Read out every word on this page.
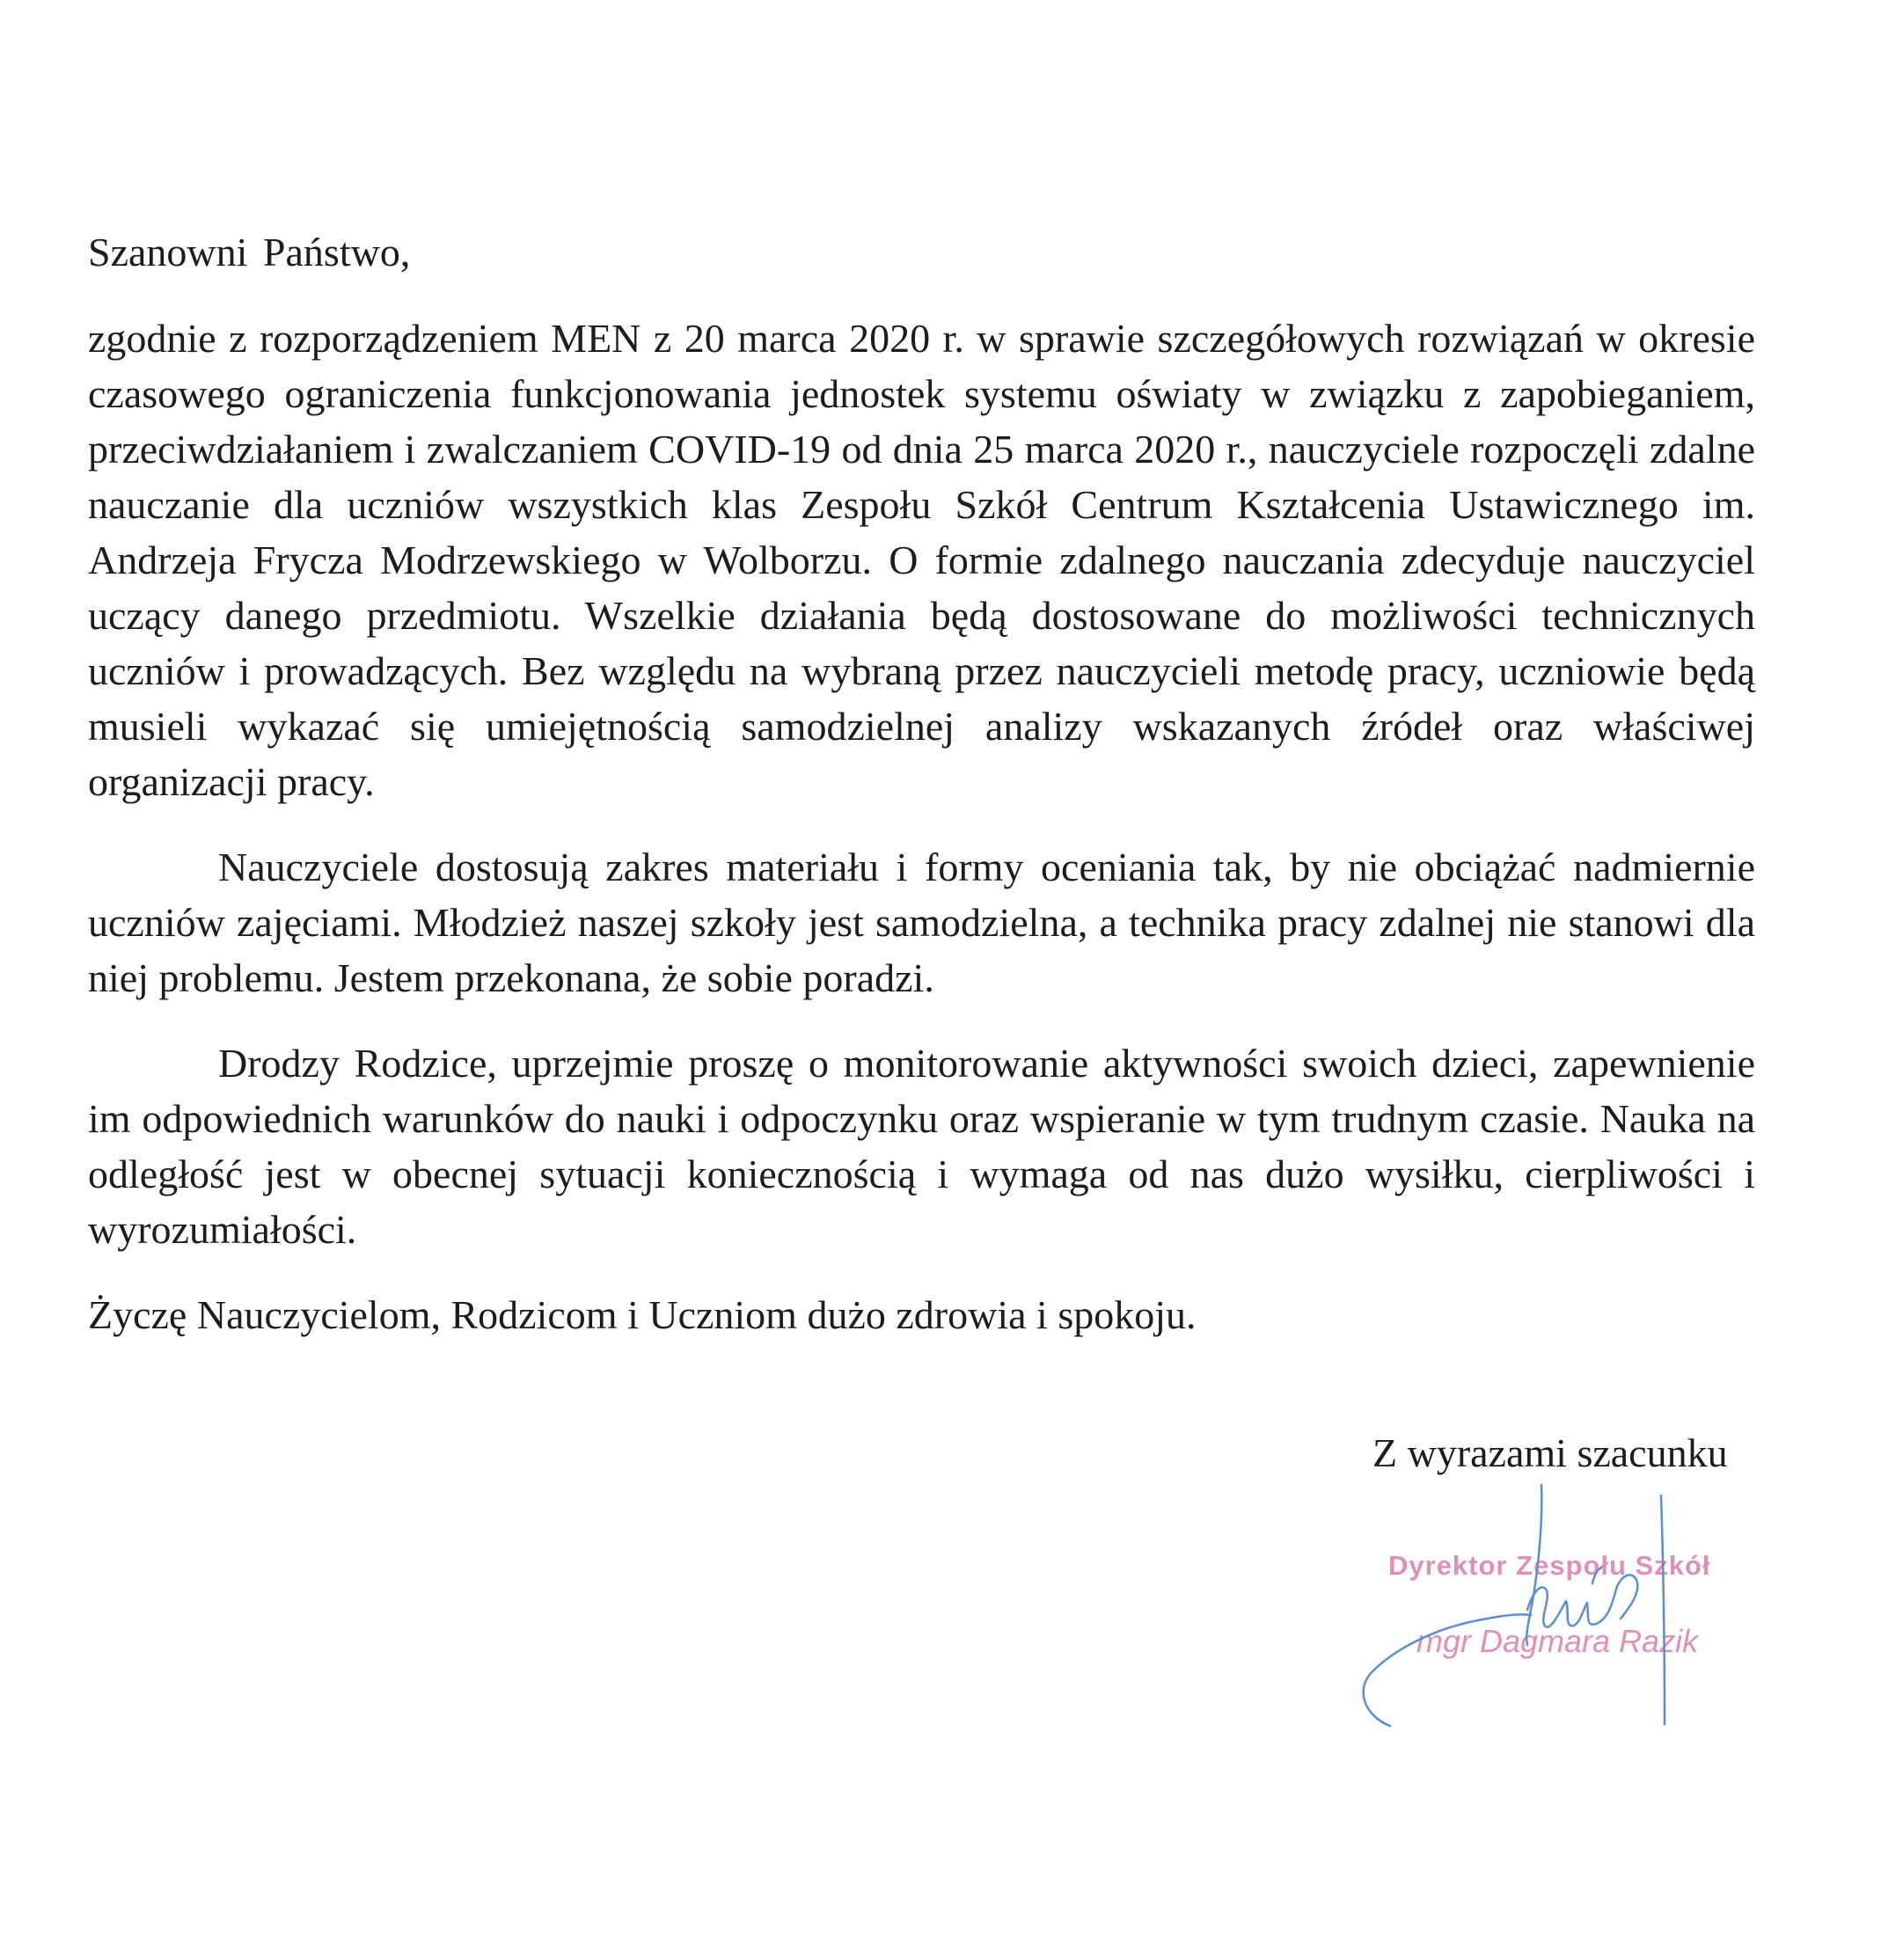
Szanowni Państwo,

zgodnie z rozporządzeniem MEN z 20 marca 2020 r. w sprawie szczegółowych rozwiązań w okresie czasowego ograniczenia funkcjonowania jednostek systemu oświaty w związku z zapobieganiem, przeciwdziałaniem i zwalczaniem COVID-19 od dnia 25 marca 2020 r., nauczyciele rozpoczęli zdalne nauczanie dla uczniów wszystkich klas Zespołu Szkół Centrum Kształcenia Ustawicznego im. Andrzeja Frycza Modrzewskiego w Wolborzu. O formie zdalnego nauczania zdecyduje nauczyciel uczący danego przedmiotu. Wszelkie działania będą dostosowane do możliwości technicznych uczniów i prowadzących. Bez względu na wybraną przez nauczycieli metodę pracy, uczniowie będą musieli wykazać się umiejętnością samodzielnej analizy wskazanych źródeł oraz właściwej organizacji pracy.

Nauczyciele dostosują zakres materiału i formy oceniania tak, by nie obciążać nadmiernie uczniów zajęciami. Młodzież naszej szkoły jest samodzielna, a technika pracy zdalnej nie stanowi dla niej problemu. Jestem przekonana, że sobie poradzi.

Drodzy Rodzice, uprzejmie proszę o monitorowanie aktywności swoich dzieci, zapewnienie im odpowiednich warunków do nauki i odpoczynku oraz wspieranie w tym trudnym czasie. Nauka na odległość jest w obecnej sytuacji koniecznością i wymaga od nas dużo wysiłku, cierpliwości i wyrozumiałości.

Życzę Nauczycielom, Rodzicom i Uczniom dużo zdrowia i spokoju.

Z wyrazami szacunku
Dyrektor Zespołu Szkół
mgr Dagmara Razik
